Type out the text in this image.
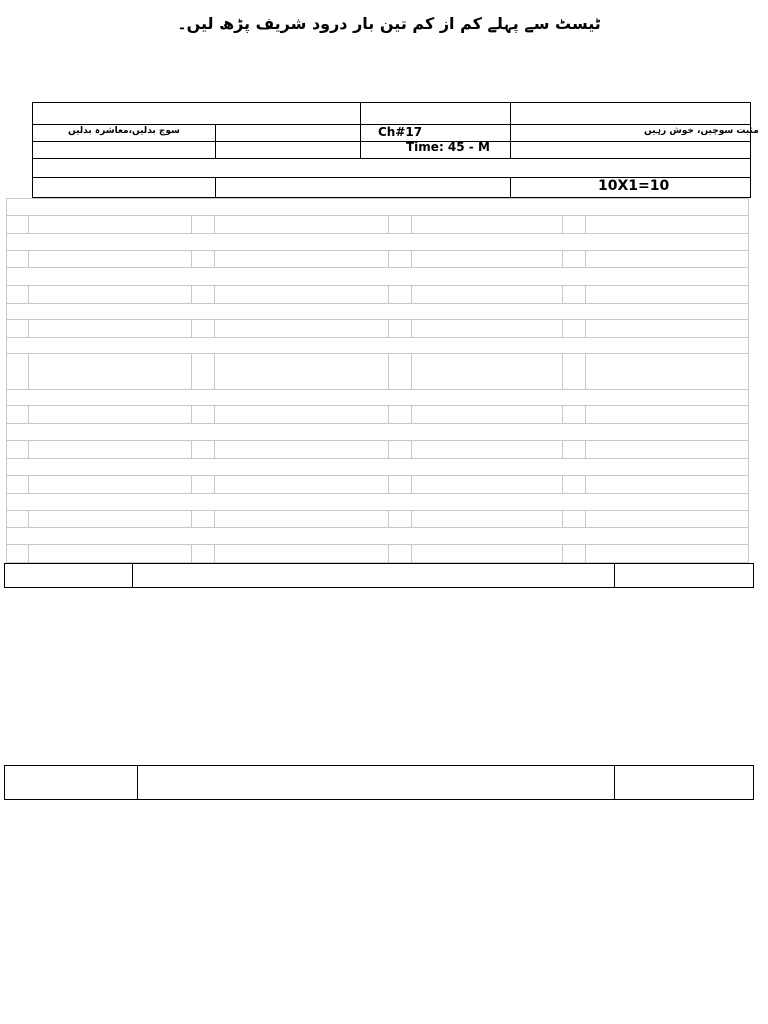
ٹیسٹ سے پہلے کم از کم تین بار درود شریف پڑھ لیں۔
سوچ بدلیں،معاشرہ بدلیں	Ch#17	مثبت سوچیں، خوش رہیں
Time: 45 - M
10X1=10
